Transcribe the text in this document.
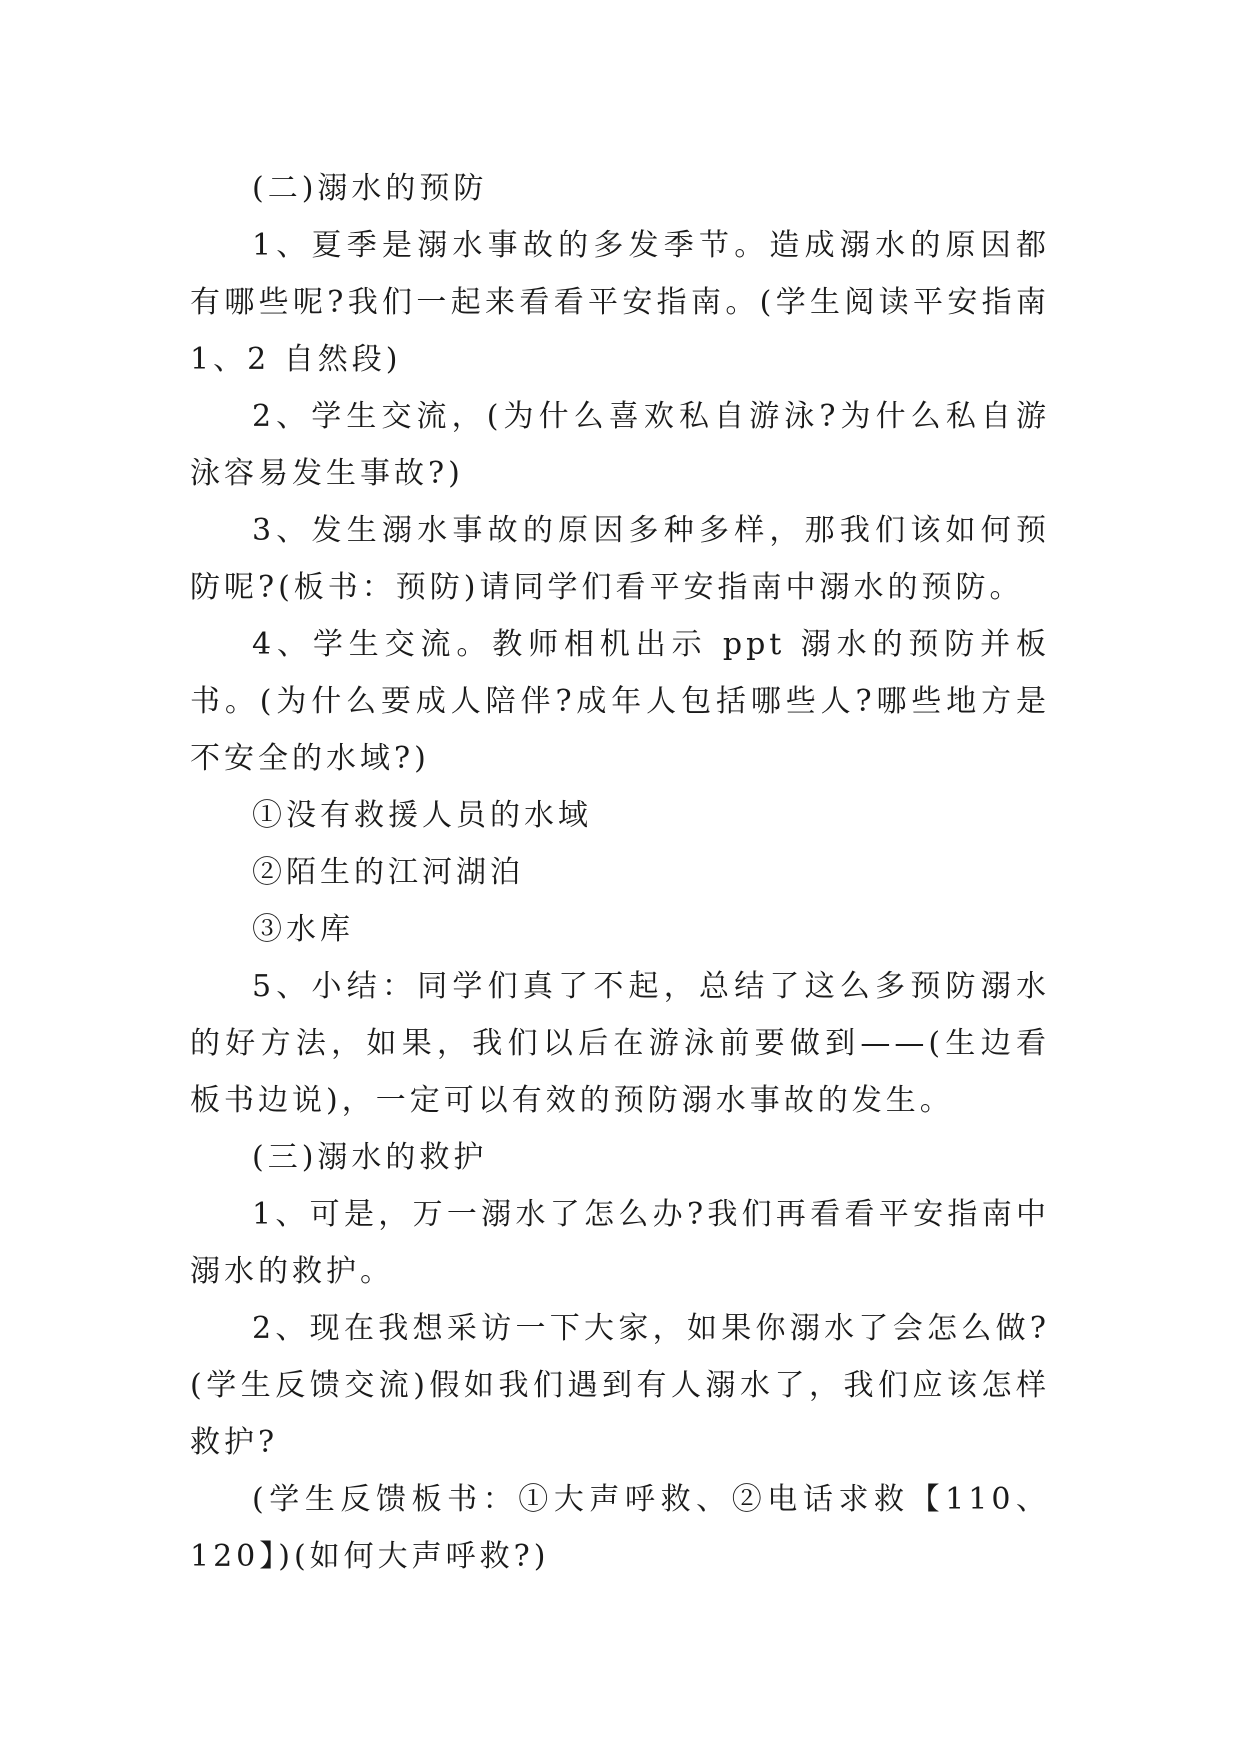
(二)溺水的预防

1、夏季是溺水事故的多发季节。造成溺水的原因都有哪些呢?我们一起来看看平安指南。(学生阅读平安指南 1、2 自然段)

2、学生交流，(为什么喜欢私自游泳?为什么私自游泳容易发生事故?)

3、发生溺水事故的原因多种多样，那我们该如何预防呢?(板书：预防)请同学们看平安指南中溺水的预防。

4、学生交流。教师相机出示 ppt 溺水的预防并板书。(为什么要成人陪伴?成年人包括哪些人?哪些地方是不安全的水域?)

①没有救援人员的水域

②陌生的江河湖泊

③水库

5、小结：同学们真了不起，总结了这么多预防溺水的好方法，如果，我们以后在游泳前要做到——(生边看板书边说)，一定可以有效的预防溺水事故的发生。

(三)溺水的救护

1、可是，万一溺水了怎么办?我们再看看平安指南中溺水的救护。

2、现在我想采访一下大家，如果你溺水了会怎么做?(学生反馈交流)假如我们遇到有人溺水了，我们应该怎样救护?

(学生反馈板书：①大声呼救、②电话求救【110、120】)(如何大声呼救?)
